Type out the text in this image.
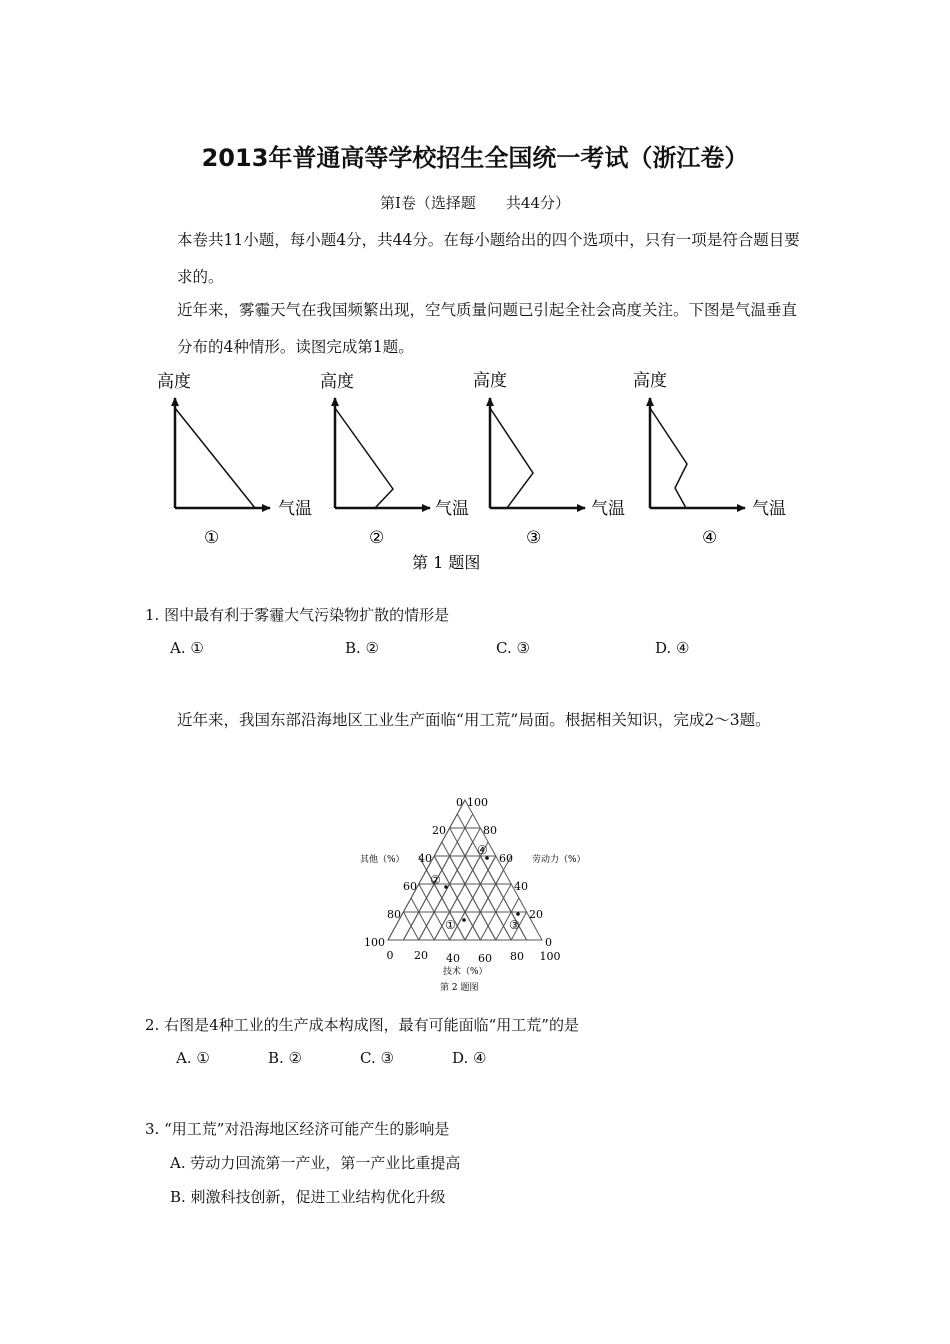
2013年普通高等学校招生全国统一考试（浙江卷）
第Ⅰ卷（选择题　　共44分）
本卷共11小题，每小题4分，共44分。在每小题给出的四个选项中，只有一项是符合题目要求的。
近年来，雾霾天气在我国频繁出现，空气质量问题已引起全社会高度关注。下图是气温垂直分布的4种情形。读图完成第1题。
高度
气温
①
高度
气温
②
高度
气温
③
高度
气温
④
第 1 题图
1. 图中最有利于雾霾大气污染物扩散的情形是
A. ①	B. ②	C. ③	D. ④
近年来，我国东部沿海地区工业生产面临“用工荒”局面。根据相关知识，完成2～3题。
④
②
①	③
0
20
40
60
80
100
100
80
60
40
20
0
0 20 40 60 80 100
其他（%）	劳动力（%）
技术（%）
第 2 题图
2. 右图是4种工业的生产成本构成图，最有可能面临“用工荒”的是
A. ①	B. ②	C. ③	D. ④
3. “用工荒”对沿海地区经济可能产生的影响是
A. 劳动力回流第一产业，第一产业比重提高
B. 刺激科技创新，促进工业结构优化升级
